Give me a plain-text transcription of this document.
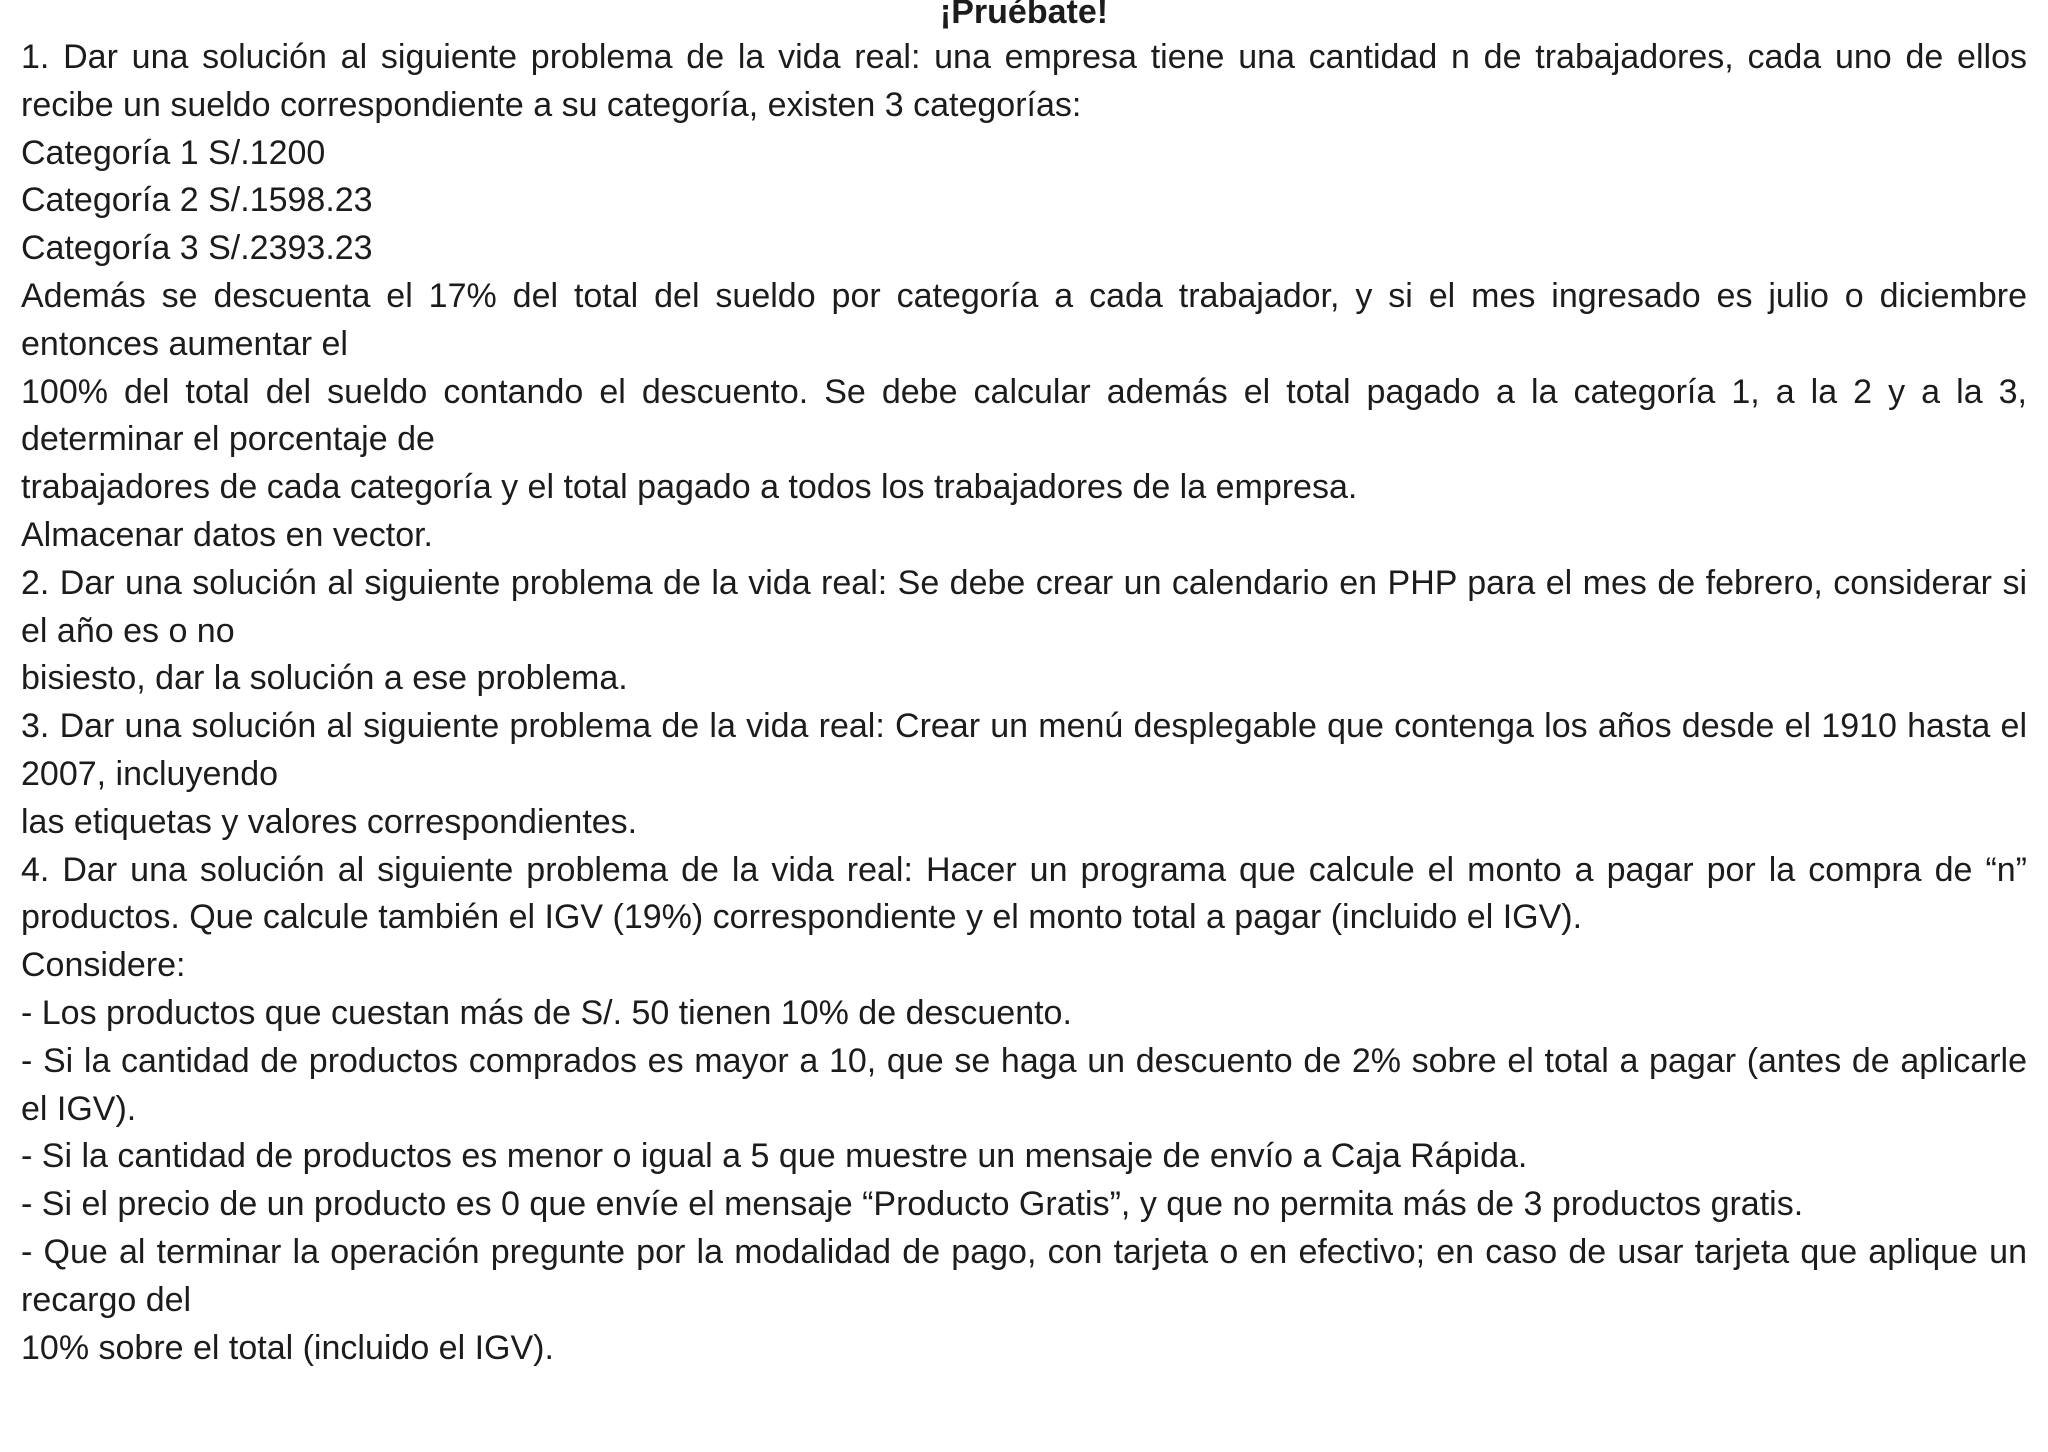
¡Pruébate!
1. Dar una solución al siguiente problema de la vida real: una empresa tiene una cantidad n de trabajadores, cada uno de ellos recibe un sueldo correspondiente a su categoría, existen 3 categorías:
Categoría 1 S/.1200
Categoría 2 S/.1598.23
Categoría 3 S/.2393.23
Además se descuenta el 17% del total del sueldo por categoría a cada trabajador, y si el mes ingresado es julio o diciembre entonces aumentar el
100% del total del sueldo contando el descuento. Se debe calcular además el total pagado a la categoría 1, a la 2 y a la 3, determinar el porcentaje de
trabajadores de cada categoría y el total pagado a todos los trabajadores de la empresa.
Almacenar datos en vector.
2. Dar una solución al siguiente problema de la vida real: Se debe crear un calendario en PHP para el mes de febrero, considerar si el año es o no
bisiesto, dar la solución a ese problema.
3. Dar una solución al siguiente problema de la vida real: Crear un menú desplegable que contenga los años desde el 1910 hasta el 2007, incluyendo
las etiquetas y valores correspondientes.
4. Dar una solución al siguiente problema de la vida real: Hacer un programa que calcule el monto a pagar por la compra de “n” productos. Que calcule también el IGV (19%) correspondiente y el monto total a pagar (incluido el IGV).
Considere:
- Los productos que cuestan más de S/. 50 tienen 10% de descuento.
- Si la cantidad de productos comprados es mayor a 10, que se haga un descuento de 2% sobre el total a pagar (antes de aplicarle el IGV).
- Si la cantidad de productos es menor o igual a 5 que muestre un mensaje de envío a Caja Rápida.
- Si el precio de un producto es 0 que envíe el mensaje “Producto Gratis”, y que no permita más de 3 productos gratis.
- Que al terminar la operación pregunte por la modalidad de pago, con tarjeta o en efectivo; en caso de usar tarjeta que aplique un recargo del
10% sobre el total (incluido el IGV).
